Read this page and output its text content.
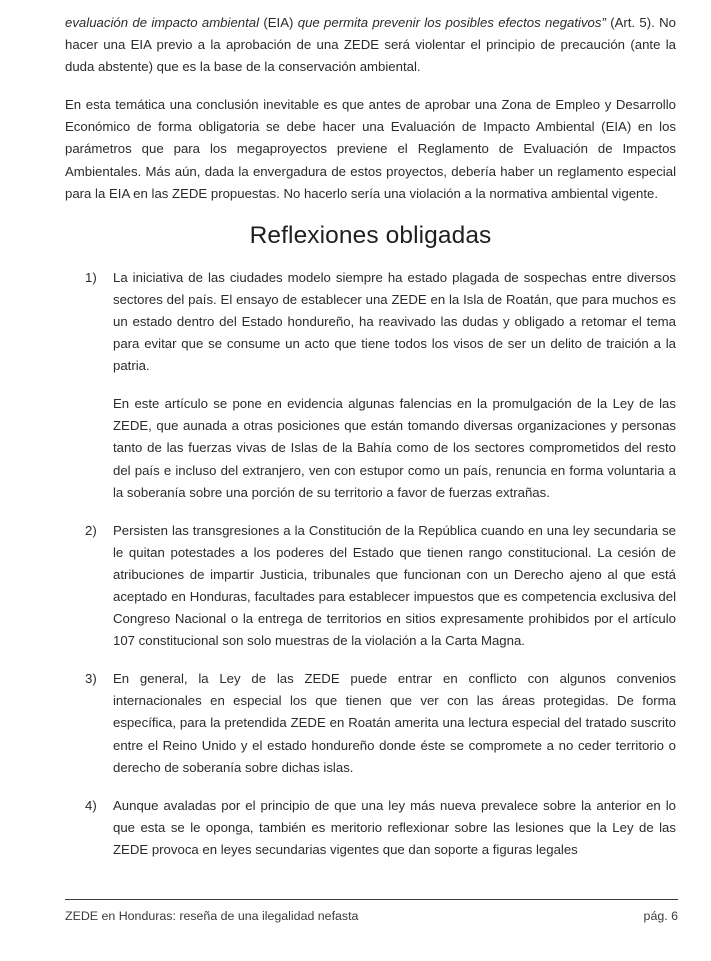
evaluación de impacto ambiental (EIA) que permita prevenir los posibles efectos negativos” (Art. 5). No hacer una EIA previo a la aprobación de una ZEDE será violentar el principio de precaución (ante la duda abstente) que es la base de la conservación ambiental.

En esta temática una conclusión inevitable es que antes de aprobar una Zona de Empleo y Desarrollo Económico de forma obligatoria se debe hacer una Evaluación de Impacto Ambiental (EIA) en los parámetros que para los megaproyectos previene el Reglamento de Evaluación de Impactos Ambientales. Más aún, dada la envergadura de estos proyectos, debería haber un reglamento especial para la EIA en las ZEDE propuestas. No hacerlo sería una violación a la normativa ambiental vigente.

Reflexiones obligadas
1)	La iniciativa de las ciudades modelo siempre ha estado plagada de sospechas entre diversos sectores del país. El ensayo de establecer una ZEDE en la Isla de Roatán, que para muchos es un estado dentro del Estado hondureño, ha reavivado las dudas y obligado a retomar el tema para evitar que se consume un acto que tiene todos los visos de ser un delito de traición a la patria.

En este artículo se pone en evidencia algunas falencias en la promulgación de la Ley de las ZEDE, que aunada a otras posiciones que están tomando diversas organizaciones y personas tanto de las fuerzas vivas de Islas de la Bahía como de los sectores comprometidos del resto del país e incluso del extranjero, ven con estupor como un país, renuncia en forma voluntaria a la soberanía sobre una porción de su territorio a favor de fuerzas extrañas.

2)	Persisten las transgresiones a la Constitución de la República cuando en una ley secundaria se le quitan potestades a los poderes del Estado que tienen rango constitucional. La cesión de atribuciones de impartir Justicia, tribunales que funcionan con un Derecho ajeno al que está aceptado en Honduras, facultades para establecer impuestos que es competencia exclusiva del Congreso Nacional o la entrega de territorios en sitios expresamente prohibidos por el artículo 107 constitucional son solo muestras de la violación a la Carta Magna.

3)	En general, la Ley de las ZEDE puede entrar en conflicto con algunos convenios internacionales en especial los que tienen que ver con las áreas protegidas. De forma específica, para la pretendida ZEDE en Roatán amerita una lectura especial del tratado suscrito entre el Reino Unido y el estado hondureño donde éste se compromete a no ceder territorio o derecho de soberanía sobre dichas islas.

4)	Aunque avaladas por el principio de que una ley más nueva prevalece sobre la anterior en lo que esta se le oponga, también es meritorio reflexionar sobre las lesiones que la Ley de las ZEDE provoca en leyes secundarias vigentes que dan soporte a figuras legales

ZEDE en Honduras: reseña de una ilegalidad nefasta	pág. 6
